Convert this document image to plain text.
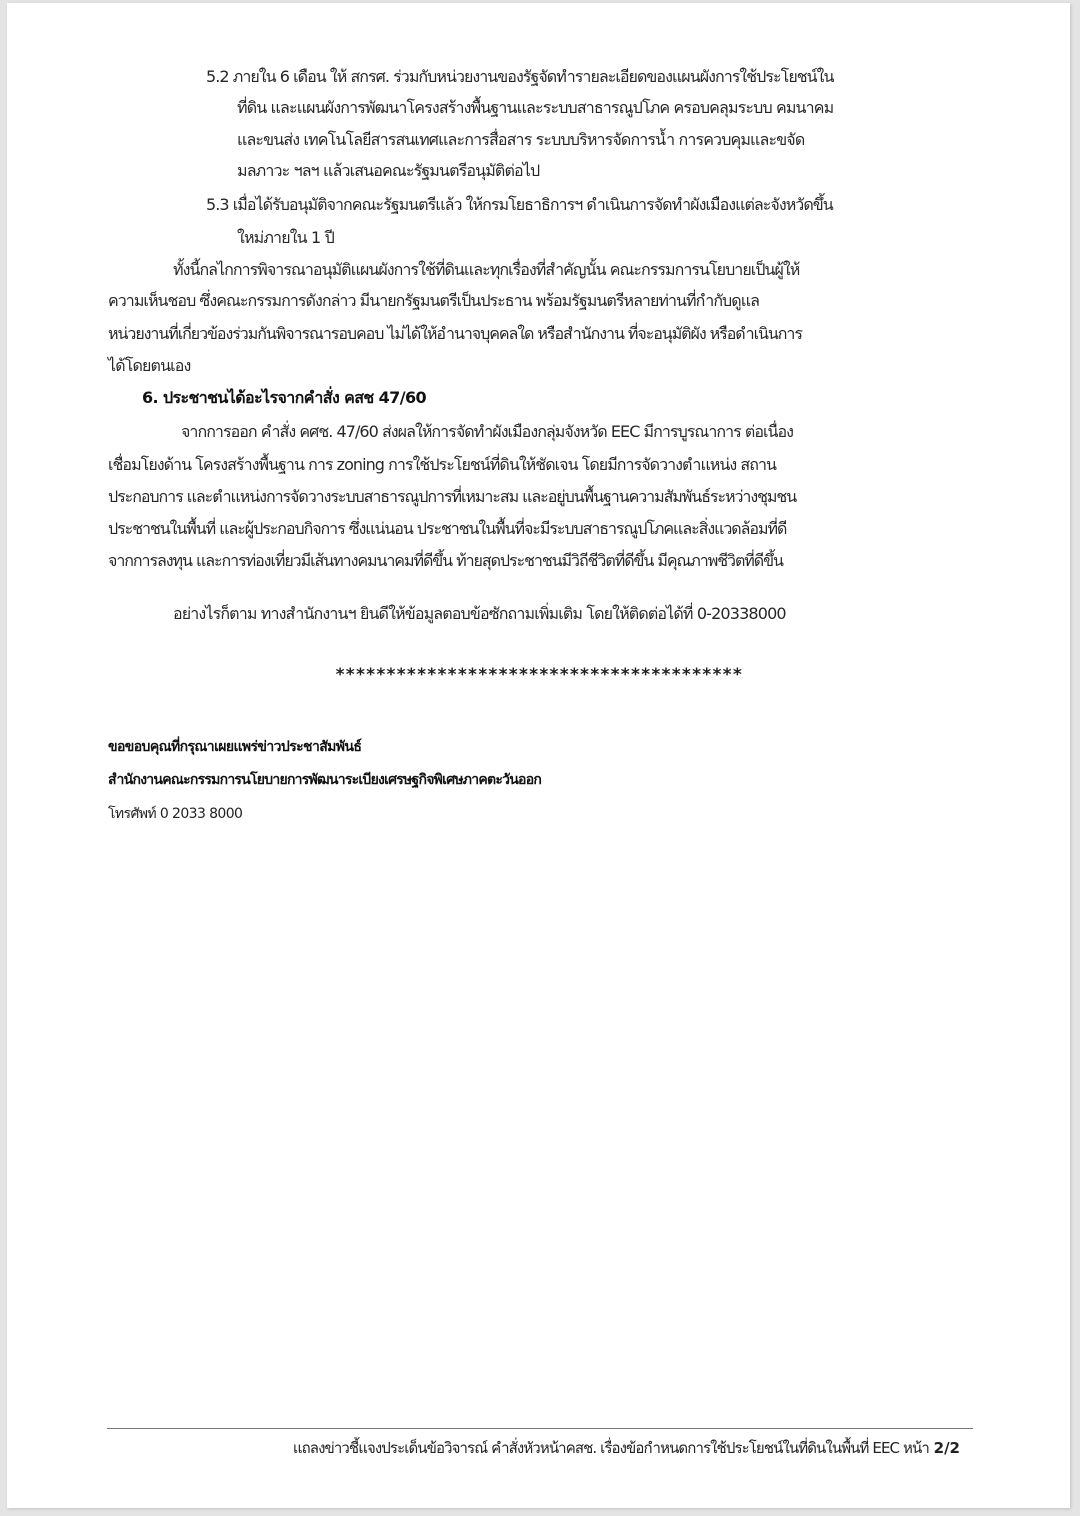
5.2 ภายใน 6 เดือน ให้ สกรศ. ร่วมกับหน่วยงานของรัฐจัดทำรายละเอียดของแผนผังการใช้ประโยชน์ใน
ที่ดิน และแผนผังการพัฒนาโครงสร้างพื้นฐานและระบบสาธารณูปโภค ครอบคลุมระบบ คมนาคม
และขนส่ง เทคโนโลยีสารสนเทศและการสื่อสาร ระบบบริหารจัดการน้ำ การควบคุมและขจัด
มลภาวะ ฯลฯ แล้วเสนอคณะรัฐมนตรีอนุมัติต่อไป
5.3 เมื่อได้รับอนุมัติจากคณะรัฐมนตรีแล้ว ให้กรมโยธาธิการฯ ดำเนินการจัดทำผังเมืองแต่ละจังหวัดขึ้น
ใหม่ภายใน 1 ปี
ทั้งนี้กลไกการพิจารณาอนุมัติแผนผังการใช้ที่ดินและทุกเรื่องที่สำคัญนั้น คณะกรรมการนโยบายเป็นผู้ให้
ความเห็นชอบ ซึ่งคณะกรรมการดังกล่าว มีนายกรัฐมนตรีเป็นประธาน พร้อมรัฐมนตรีหลายท่านที่กำกับดูแล
หน่วยงานที่เกี่ยวข้องร่วมกันพิจารณารอบคอบ ไม่ได้ให้อำนาจบุคคลใด หรือสำนักงาน ที่จะอนุมัติผัง หรือดำเนินการ
ได้โดยตนเอง
6. ประชาชนได้อะไรจากคำสั่ง คสช 47/60
จากการออก คำสั่ง คศช. 47/60 ส่งผลให้การจัดทำผังเมืองกลุ่มจังหวัด EEC มีการบูรณาการ ต่อเนื่อง
เชื่อมโยงด้าน โครงสร้างพื้นฐาน การ zoning การใช้ประโยชน์ที่ดินให้ชัดเจน โดยมีการจัดวางตำแหน่ง สถาน
ประกอบการ และตำแหน่งการจัดวางระบบสาธารณูปการที่เหมาะสม และอยู่บนพื้นฐานความสัมพันธ์ระหว่างชุมชน
ประชาชนในพื้นที่ และผู้ประกอบกิจการ ซึ่งแน่นอน ประชาชนในพื้นที่จะมีระบบสาธารณูปโภคและสิ่งแวดล้อมที่ดี
จากการลงทุน และการท่องเที่ยวมีเส้นทางคมนาคมที่ดีขึ้น ท้ายสุดประชาชนมีวิถีชีวิตที่ดีขึ้น มีคุณภาพชีวิตที่ดีขึ้น
อย่างไรก็ตาม ทางสำนักงานฯ ยินดีให้ข้อมูลตอบข้อซักถามเพิ่มเติม โดยให้ติดต่อได้ที่ 0-20338000
****************************************
ขอขอบคุณที่กรุณาเผยแพร่ข่าวประชาสัมพันธ์
สำนักงานคณะกรรมการนโยบายการพัฒนาระเบียงเศรษฐกิจพิเศษภาคตะวันออก
โทรศัพท์ 0 2033 8000
แถลงข่าวชี้แจงประเด็นข้อวิจารณ์ คำสั่งหัวหน้าคสช. เรื่องข้อกำหนดการใช้ประโยชน์ในที่ดินในพื้นที่ EEC หน้า 2/2
